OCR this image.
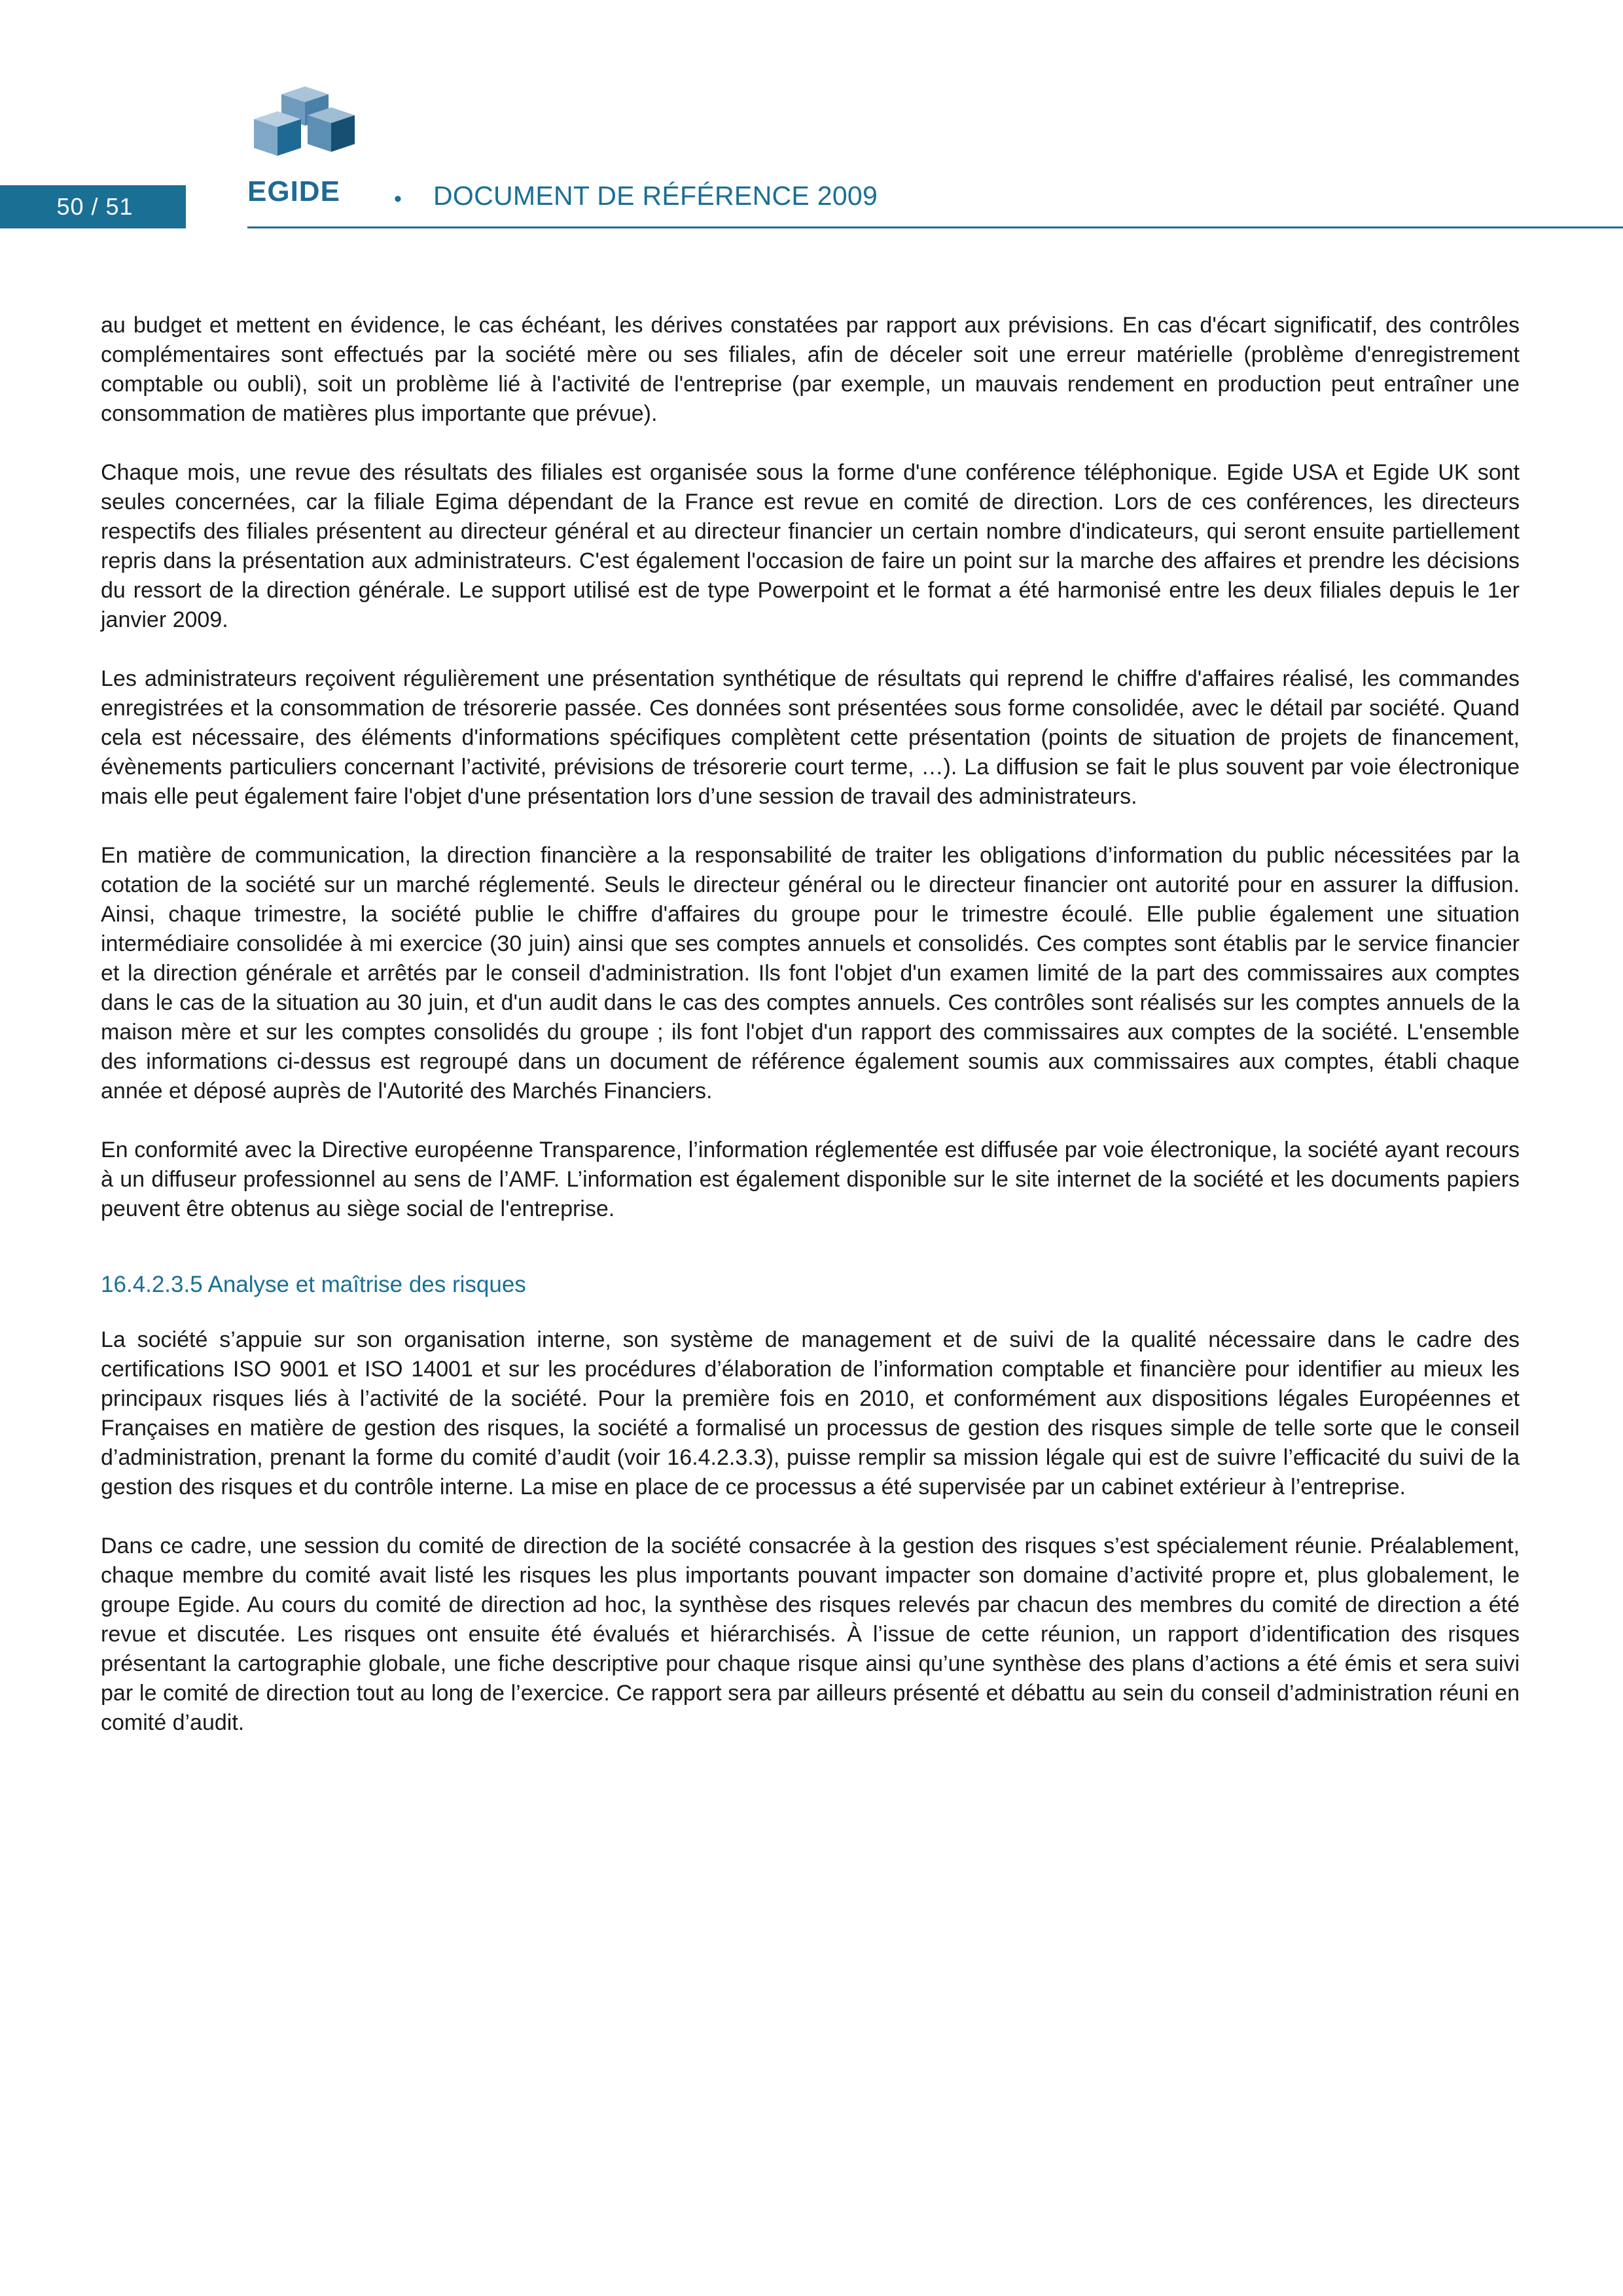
50 / 51	EGIDE • DOCUMENT DE RÉFÉRENCE 2009

au budget et mettent en évidence, le cas échéant, les dérives constatées par rapport aux prévisions. En cas d'écart significatif, des contrôles complémentaires sont effectués par la société mère ou ses filiales, afin de déceler soit une erreur matérielle (problème d'enregistrement comptable ou oubli), soit un problème lié à l'activité de l'entreprise (par exemple, un mauvais rendement en production peut entraîner une consommation de matières plus importante que prévue).

Chaque mois, une revue des résultats des filiales est organisée sous la forme d'une conférence téléphonique. Egide USA et Egide UK sont seules concernées, car la filiale Egima dépendant de la France est revue en comité de direction. Lors de ces conférences, les directeurs respectifs des filiales présentent au directeur général et au directeur financier un certain nombre d'indicateurs, qui seront ensuite partiellement repris dans la présentation aux administrateurs. C'est également l'occasion de faire un point sur la marche des affaires et prendre les décisions du ressort de la direction générale. Le support utilisé est de type Powerpoint et le format a été harmonisé entre les deux filiales depuis le 1er janvier 2009.

Les administrateurs reçoivent régulièrement une présentation synthétique de résultats qui reprend le chiffre d'affaires réalisé, les commandes enregistrées et la consommation de trésorerie passée. Ces données sont présentées sous forme consolidée, avec le détail par société. Quand cela est nécessaire, des éléments d'informations spécifiques complètent cette présentation (points de situation de projets de financement, évènements particuliers concernant l’activité, prévisions de trésorerie court terme, …). La diffusion se fait le plus souvent par voie électronique mais elle peut également faire l'objet d'une présentation lors d’une session de travail des administrateurs.

En matière de communication, la direction financière a la responsabilité de traiter les obligations d’information du public nécessitées par la cotation de la société sur un marché réglementé. Seuls le directeur général ou le directeur financier ont autorité pour en assurer la diffusion. Ainsi, chaque trimestre, la société publie le chiffre d'affaires du groupe pour le trimestre écoulé. Elle publie également une situation intermédiaire consolidée à mi exercice (30 juin) ainsi que ses comptes annuels et consolidés. Ces comptes sont établis par le service financier et la direction générale et arrêtés par le conseil d'administration. Ils font l'objet d'un examen limité de la part des commissaires aux comptes dans le cas de la situation au 30 juin, et d'un audit dans le cas des comptes annuels. Ces contrôles sont réalisés sur les comptes annuels de la maison mère et sur les comptes consolidés du groupe ; ils font l'objet d'un rapport des commissaires aux comptes de la société. L'ensemble des informations ci-dessus est regroupé dans un document de référence également soumis aux commissaires aux comptes, établi chaque année et déposé auprès de l'Autorité des Marchés Financiers.

En conformité avec la Directive européenne Transparence, l’information réglementée est diffusée par voie électronique, la société ayant recours à un diffuseur professionnel au sens de l’AMF. L’information est également disponible sur le site internet de la société et les documents papiers peuvent être obtenus au siège social de l'entreprise.

16.4.2.3.5 Analyse et maîtrise des risques

La société s’appuie sur son organisation interne, son système de management et de suivi de la qualité nécessaire dans le cadre des certifications ISO 9001 et ISO 14001 et sur les procédures d’élaboration de l’information comptable et financière pour identifier au mieux les principaux risques liés à l’activité de la société. Pour la première fois en 2010, et conformément aux dispositions légales Européennes et Françaises en matière de gestion des risques, la société a formalisé un processus de gestion des risques simple de telle sorte que le conseil d’administration, prenant la forme du comité d’audit (voir 16.4.2.3.3), puisse remplir sa mission légale qui est de suivre l’efficacité du suivi de la gestion des risques et du contrôle interne. La mise en place de ce processus a été supervisée par un cabinet extérieur à l’entreprise.

Dans ce cadre, une session du comité de direction de la société consacrée à la gestion des risques s’est spécialement réunie. Préalablement, chaque membre du comité avait listé les risques les plus importants pouvant impacter son domaine d’activité propre et, plus globalement, le groupe Egide. Au cours du comité de direction ad hoc, la synthèse des risques relevés par chacun des membres du comité de direction a été revue et discutée. Les risques ont ensuite été évalués et hiérarchisés. À l’issue de cette réunion, un rapport d’identification des risques présentant la cartographie globale, une fiche descriptive pour chaque risque ainsi qu’une synthèse des plans d’actions a été émis et sera suivi par le comité de direction tout au long de l’exercice. Ce rapport sera par ailleurs présenté et débattu au sein du conseil d’administration réuni en comité d’audit.
